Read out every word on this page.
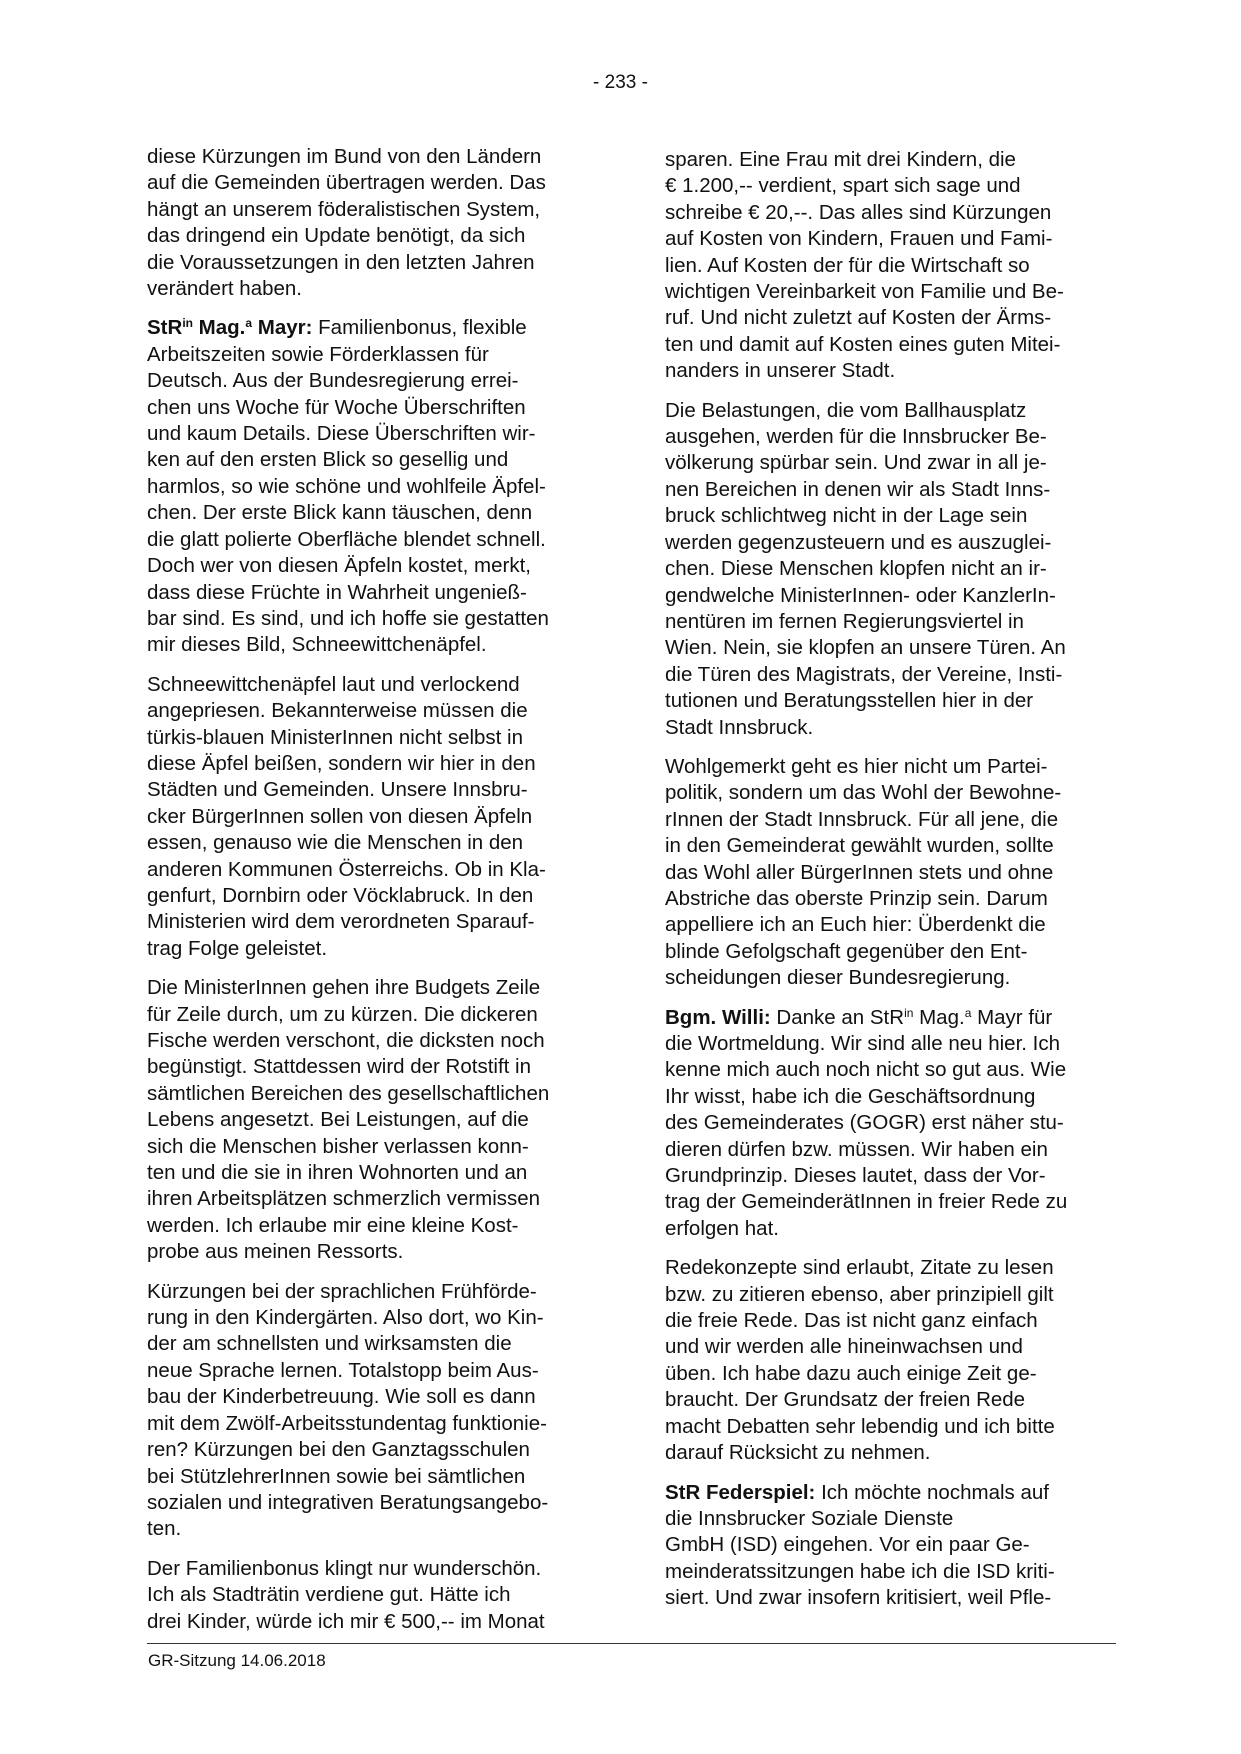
- 233 -
diese Kürzungen im Bund von den Ländern
auf die Gemeinden übertragen werden. Das
hängt an unserem föderalistischen System,
das dringend ein Update benötigt, da sich
die Voraussetzungen in den letzten Jahren
verändert haben.
StR$^{in}$ Mag.$^a$ Mayr: Familienbonus, flexible
Arbeitszeiten sowie Förderklassen für
Deutsch. Aus der Bundesregierung errei-
chen uns Woche für Woche Überschriften
und kaum Details. Diese Überschriften wir-
ken auf den ersten Blick so gesellig und
harmlos, so wie schöne und wohlfeile Äpfel-
chen. Der erste Blick kann täuschen, denn
die glatt polierte Oberfläche blendet schnell.
Doch wer von diesen Äpfeln kostet, merkt,
dass diese Früchte in Wahrheit ungenieß-
bar sind. Es sind, und ich hoffe sie gestatten
mir dieses Bild, Schneewittchenäpfel.
Schneewittchenäpfel laut und verlockend
angepriesen. Bekannterweise müssen die
türkis-blauen MinisterInnen nicht selbst in
diese Äpfel beißen, sondern wir hier in den
Städten und Gemeinden. Unsere Innsbru-
cker BürgerInnen sollen von diesen Äpfeln
essen, genauso wie die Menschen in den
anderen Kommunen Österreichs. Ob in Kla-
genfurt, Dornbirn oder Vöcklabruck. In den
Ministerien wird dem verordneten Sparauf-
trag Folge geleistet.
Die MinisterInnen gehen ihre Budgets Zeile
für Zeile durch, um zu kürzen. Die dickeren
Fische werden verschont, die dicksten noch
begünstigt. Stattdessen wird der Rotstift in
sämtlichen Bereichen des gesellschaftlichen
Lebens angesetzt. Bei Leistungen, auf die
sich die Menschen bisher verlassen konn-
ten und die sie in ihren Wohnorten und an
ihren Arbeitsplätzen schmerzlich vermissen
werden. Ich erlaube mir eine kleine Kost-
probe aus meinen Ressorts.
Kürzungen bei der sprachlichen Frühförde-
rung in den Kindergärten. Also dort, wo Kin-
der am schnellsten und wirksamsten die
neue Sprache lernen. Totalstopp beim Aus-
bau der Kinderbetreuung. Wie soll es dann
mit dem Zwölf-Arbeitsstundentag funktionie-
ren? Kürzungen bei den Ganztagsschulen
bei StützlehrerInnen sowie bei sämtlichen
sozialen und integrativen Beratungsangebo-
ten.
Der Familienbonus klingt nur wunderschön.
Ich als Stadträtin verdiene gut. Hätte ich
drei Kinder, würde ich mir € 500,-- im Monat
sparen. Eine Frau mit drei Kindern, die
€ 1.200,-- verdient, spart sich sage und
schreibe € 20,--. Das alles sind Kürzungen
auf Kosten von Kindern, Frauen und Fami-
lien. Auf Kosten der für die Wirtschaft so
wichtigen Vereinbarkeit von Familie und Be-
ruf. Und nicht zuletzt auf Kosten der Ärms-
ten und damit auf Kosten eines guten Mitei-
nanders in unserer Stadt.
Die Belastungen, die vom Ballhausplatz
ausgehen, werden für die Innsbrucker Be-
völkerung spürbar sein. Und zwar in all je-
nen Bereichen in denen wir als Stadt Inns-
bruck schlichtweg nicht in der Lage sein
werden gegenzusteuern und es auszuglei-
chen. Diese Menschen klopfen nicht an ir-
gendwelche MinisterInnen- oder KanzlerIn-
nentüren im fernen Regierungsviertel in
Wien. Nein, sie klopfen an unsere Türen. An
die Türen des Magistrats, der Vereine, Insti-
tutionen und Beratungsstellen hier in der
Stadt Innsbruck.
Wohlgemerkt geht es hier nicht um Partei-
politik, sondern um das Wohl der Bewohne-
rInnen der Stadt Innsbruck. Für all jene, die
in den Gemeinderat gewählt wurden, sollte
das Wohl aller BürgerInnen stets und ohne
Abstriche das oberste Prinzip sein. Darum
appelliere ich an Euch hier: Überdenkt die
blinde Gefolgschaft gegenüber den Ent-
scheidungen dieser Bundesregierung.
Bgm. Willi: Danke an StR$^{in}$ Mag.$^a$ Mayr für
die Wortmeldung. Wir sind alle neu hier. Ich
kenne mich auch noch nicht so gut aus. Wie
Ihr wisst, habe ich die Geschäftsordnung
des Gemeinderates (GOGR) erst näher stu-
dieren dürfen bzw. müssen. Wir haben ein
Grundprinzip. Dieses lautet, dass der Vor-
trag der GemeinderätInnen in freier Rede zu
erfolgen hat.
Redekonzepte sind erlaubt, Zitate zu lesen
bzw. zu zitieren ebenso, aber prinzipiell gilt
die freie Rede. Das ist nicht ganz einfach
und wir werden alle hineinwachsen und
üben. Ich habe dazu auch einige Zeit ge-
braucht. Der Grundsatz der freien Rede
macht Debatten sehr lebendig und ich bitte
darauf Rücksicht zu nehmen.
StR Federspiel: Ich möchte nochmals auf
die Innsbrucker Soziale Dienste
GmbH (ISD) eingehen. Vor ein paar Ge-
meinderatssitzungen habe ich die ISD kriti-
siert. Und zwar insofern kritisiert, weil Pfle-
GR-Sitzung 14.06.2018
